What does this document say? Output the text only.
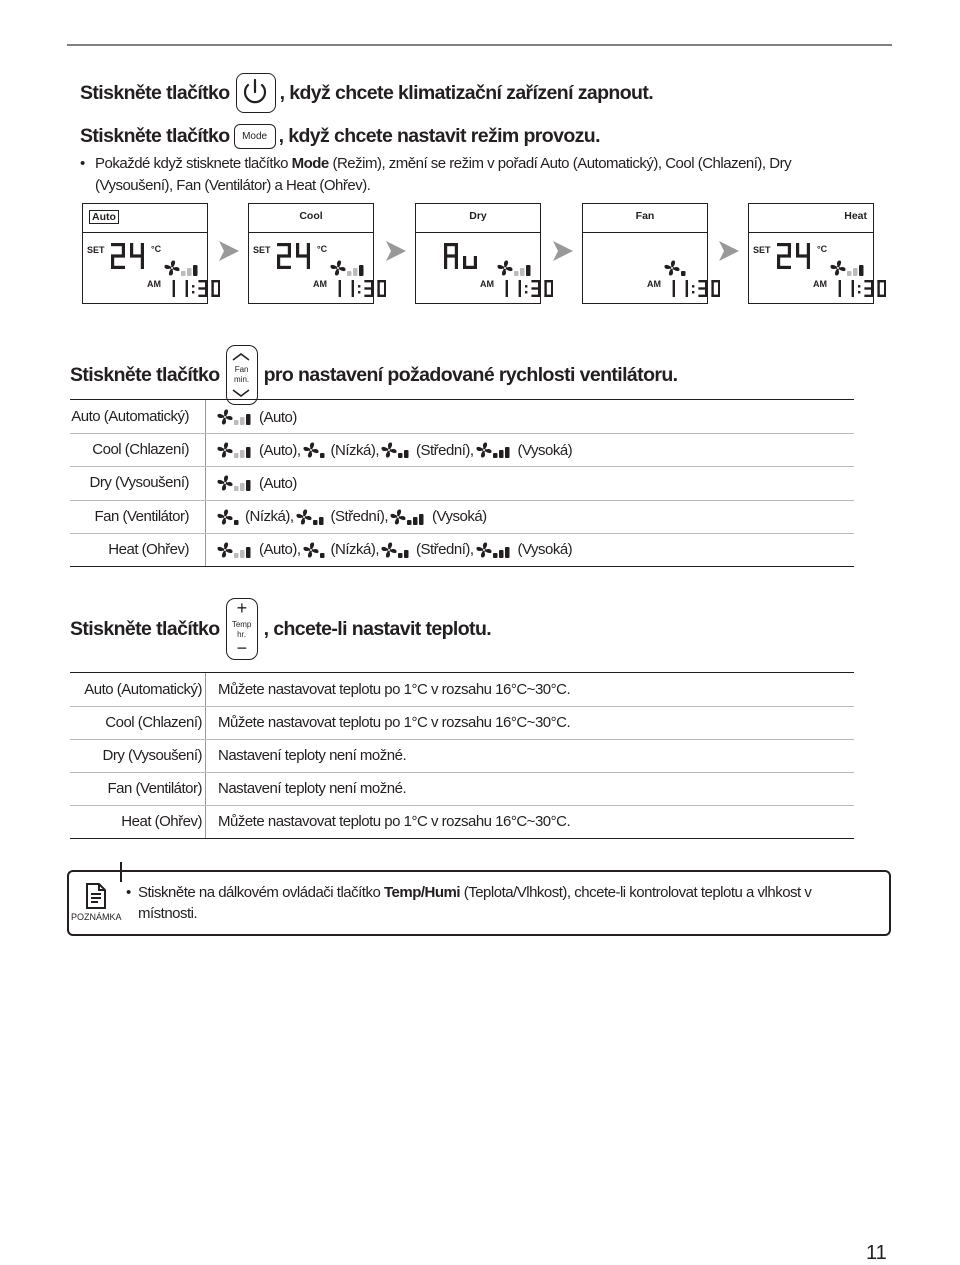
Stiskněte tlačítko	, když chcete klimatizační zařízení zapnout.
Stiskněte tlačítko Mode , když chcete nastavit režim provozu.
• Pokaždé když stisknete tlačítko Mode (Režim), změní se režim v pořadí Auto (Automatický), Cool (Chlazení), Dry
(Vysoušení), Fan (Ventilátor) a Heat (Ohřev).
Auto
SET	°C
AM
Cool
SET	°C
AM
Dry
AM
Fan
AM
Heat
SET	°C
AM
Stiskněte tlačítko	Fan
min. pro nastavení požadované rychlosti ventilátoru.
Auto (Automatický)	(Auto)
Cool (Chlazení)	(Auto), (Nízká), (Střední),	(Vysoká)
Dry (Vysoušení)	(Auto)
Fan (Ventilátor)	(Nízká), (Střední),	(Vysoká)
Heat (Ohřev)	(Auto), (Nízká), (Střední),	(Vysoká)
Stiskněte tlačítko
+
Temp
hr.
−
, chcete-li nastavit teplotu.
Auto (Automatický) Můžete nastavovat teplotu po 1°C v rozsahu 16°C~30°C.
Cool (Chlazení) Můžete nastavovat teplotu po 1°C v rozsahu 16°C~30°C.
Dry (Vysoušení) Nastavení teploty není možné.
Fan (Ventilátor) Nastavení teploty není možné.
Heat (Ohřev) Můžete nastavovat teplotu po 1°C v rozsahu 16°C~30°C.
POZNÁMKA
• Stiskněte na dálkovém ovládači tlačítko Temp/Humi (Teplota/Vlhkost), chcete-li kontrolovat teplotu a vlhkost v
místnosti.
11
